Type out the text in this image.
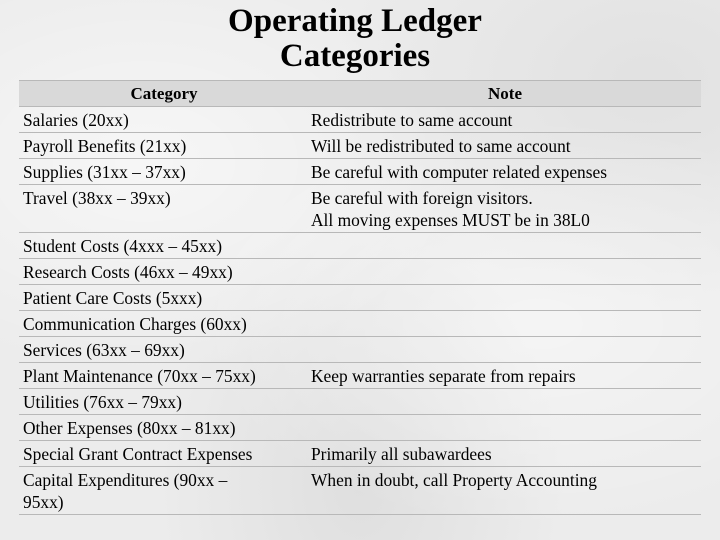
Operating Ledger
Categories
Category	Note
Salaries (20xx)	Redistribute to same account
Payroll Benefits (21xx)	Will be redistributed to same account
Supplies (31xx – 37xx)	Be careful with computer related expenses
Travel (38xx – 39xx)	Be careful with foreign visitors.
All moving expenses MUST be in 38L0

Student Costs (4xxx – 45xx)	
Research Costs (46xx – 49xx)	
Patient Care Costs (5xxx)	
Communication Charges (60xx)	
Services (63xx – 69xx)	
Plant Maintenance (70xx – 75xx)	Keep warranties separate from repairs
Utilities (76xx – 79xx)	
Other Expenses (80xx – 81xx)	
Special Grant Contract Expenses	Primarily all subawardees

Capital Expenditures (90xx –
95xx)	When in doubt, call Property Accounting
